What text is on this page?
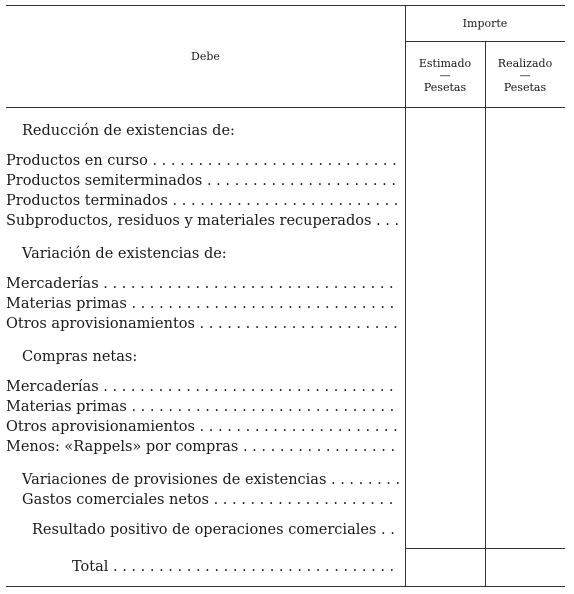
Debe
Importe
Estimado
—
Pesetas
Realizado
—
Pesetas
Reducción de existencias de:
Productos en curso . . .
Productos semiterminados . . .
Productos terminados . . .
Subproductos, residuos y materiales recuperados . . .
Variación de existencias de:
Mercaderías . . .
Materias primas . . .
Otros aprovisionamientos . . .
Compras netas:
Mercaderías . . .
Materias primas . . .
Otros aprovisionamientos . . .
Menos: «Rappels» por compras . . .
Variaciones de provisiones de existencias . . .
Gastos comerciales netos . . .
Resultado positivo de operaciones comerciales . . .
Total . . .
